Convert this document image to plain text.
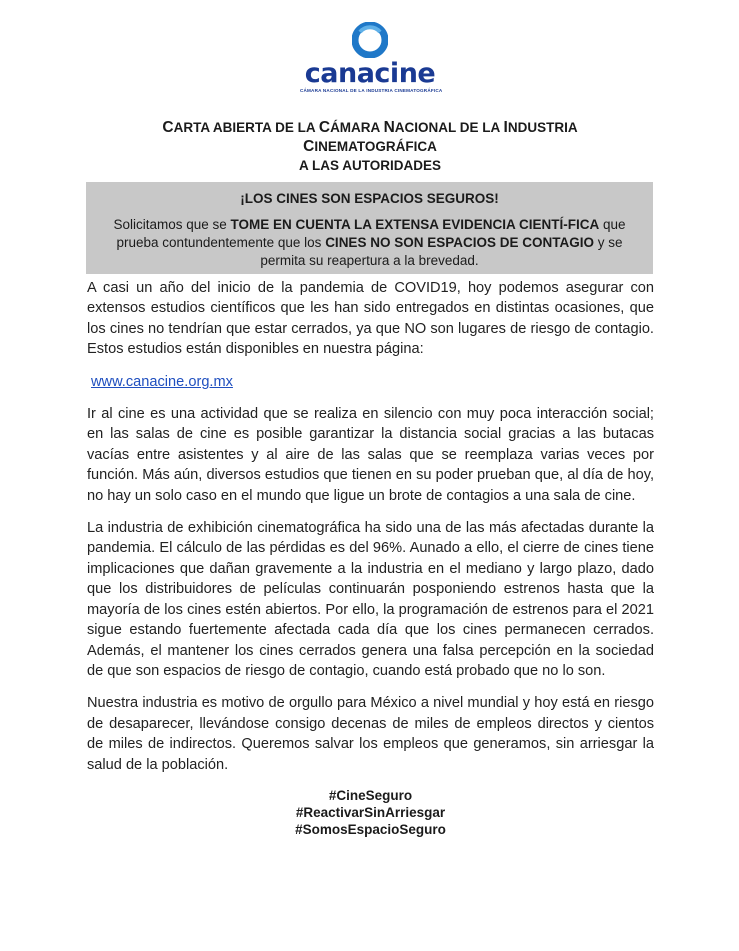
canacine
CÁMARA NACIONAL DE LA INDUSTRIA CINEMATOGRÁFICA
CARTA ABIERTA DE LA CÁMARA NACIONAL DE LA INDUSTRIA
CINEMATOGRÁFICA
A LAS AUTORIDADES
¡LOS CINES SON ESPACIOS SEGUROS!
Solicitamos que se TOME EN CUENTA LA EXTENSA EVIDENCIA CIENTÍ-FICA que prueba contundentemente que los CINES NO SON ESPACIOS DE CONTAGIO y se permita su reapertura a la brevedad.

A casi un año del inicio de la pandemia de COVID19, hoy podemos asegurar con extensos estudios científicos que les han sido entregados en distintas ocasiones, que los cines no tendrían que estar cerrados, ya que NO son lugares de riesgo de contagio. Estos estudios están disponibles en nuestra página:

www.canacine.org.mx

Ir al cine es una actividad que se realiza en silencio con muy poca interacción social; en las salas de cine es posible garantizar la distancia social gracias a las butacas vacías entre asistentes y al aire de las salas que se reemplaza varias veces por función. Más aún, diversos estudios que tienen en su poder prueban que, al día de hoy, no hay un solo caso en el mundo que ligue un brote de contagios a una sala de cine.

La industria de exhibición cinematográfica ha sido una de las más afectadas durante la pandemia. El cálculo de las pérdidas es del 96%. Aunado a ello, el cierre de cines tiene implicaciones que dañan gravemente a la industria en el mediano y largo plazo, dado que los distribuidores de películas continuarán posponiendo estrenos hasta que la mayoría de los cines estén abiertos. Por ello, la programación de estrenos para el 2021 sigue estando fuertemente afectada cada día que los cines permanecen cerrados. Además, el mantener los cines cerrados genera una falsa percepción en la sociedad de que son espacios de riesgo de contagio, cuando está probado que no lo son.

Nuestra industria es motivo de orgullo para México a nivel mundial y hoy está en riesgo de desaparecer, llevándose consigo decenas de miles de empleos directos y cientos de miles de indirectos. Queremos salvar los empleos que generamos, sin arriesgar la salud de la población.

#CineSeguro
#ReactivarSinArriesgar
#SomosEspacioSeguro
